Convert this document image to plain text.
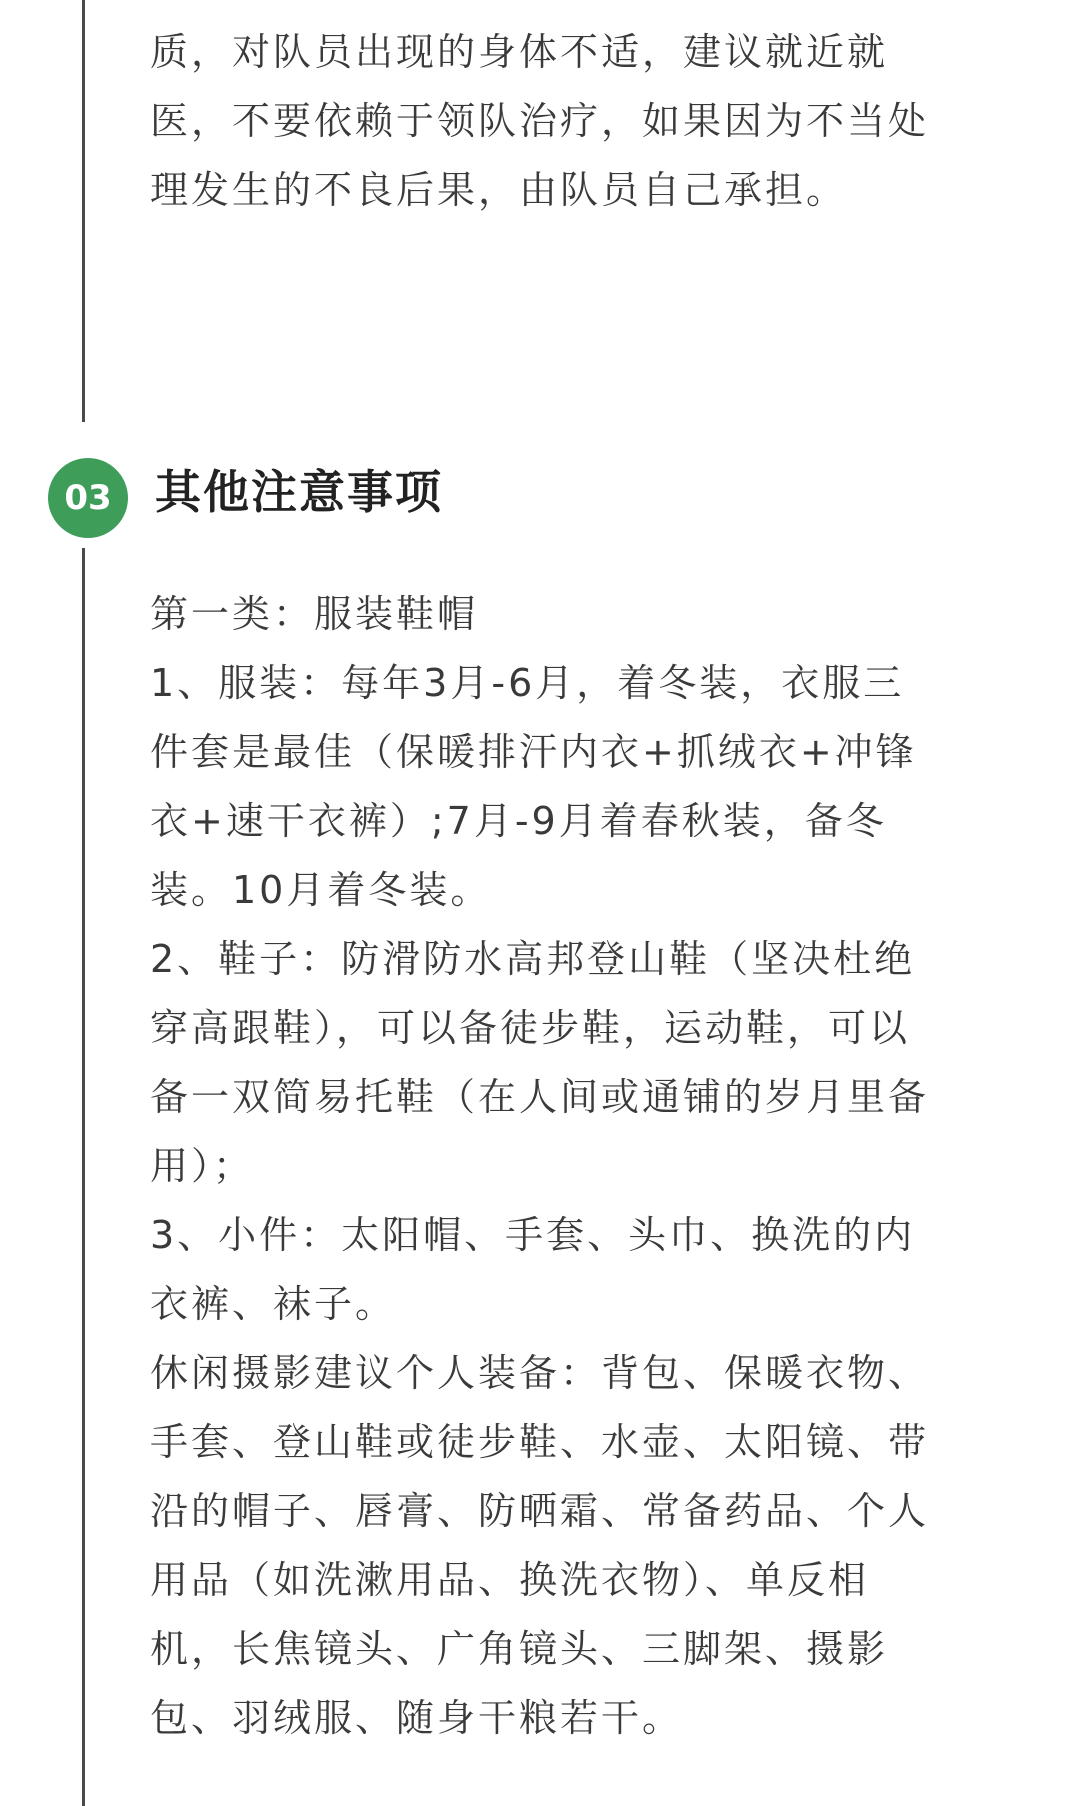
质，对队员出现的身体不适，建议就近就医，不要依赖于领队治疗，如果因为不当处理发生的不良后果，由队员自己承担。

03 其他注意事项

第一类：服装鞋帽

1、服装：每年3月-6月，着冬装，衣服三件套是最佳（保暖排汗内衣+抓绒衣+冲锋衣+速干衣裤）;7月-9月着春秋装，备冬装。10月着冬装。

2、鞋子：防滑防水高邦登山鞋（坚决杜绝穿高跟鞋），可以备徒步鞋，运动鞋，可以备一双简易托鞋（在人间或通铺的岁月里备用）；

3、小件：太阳帽、手套、头巾、换洗的内衣裤、袜子。

休闲摄影建议个人装备：背包、保暖衣物、手套、登山鞋或徒步鞋、水壶、太阳镜、带沿的帽子、唇膏、防晒霜、常备药品、个人用品（如洗漱用品、换洗衣物）、单反相机，长焦镜头、广角镜头、三脚架、摄影包、羽绒服、随身干粮若干。
